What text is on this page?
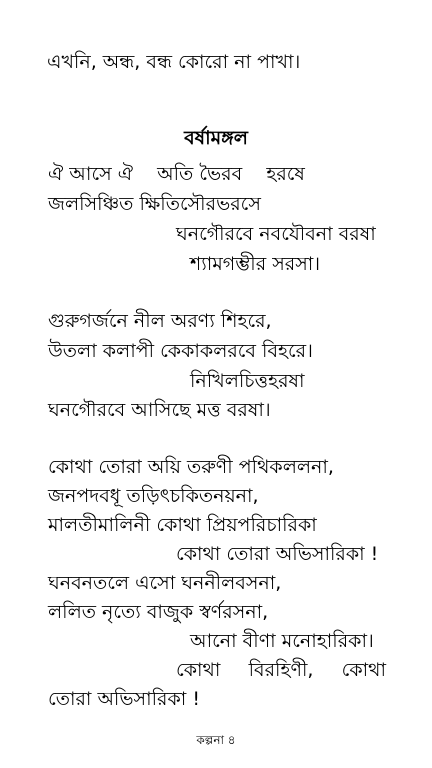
এখনি, অন্ধ, বন্ধ কোরো না পাখা।
বর্ষামঙ্গল
ঐ আসে ঐ    অতি ভৈরব    হরষে
জলসিঞ্চিত ক্ষিতিসৌরভরসে
ঘনগৌরবে নবযৌবনা বরষা
শ্যামগম্ভীর সরসা।
গুরুগর্জনে নীল অরণ্য শিহরে,
উতলা কলাপী কেকাকলরবে বিহরে।
নিখিলচিত্তহরষা
ঘনগৌরবে আসিছে মত্ত বরষা।
কোথা তোরা অয়ি তরুণী পথিকললনা,
জনপদবধূ তড়িৎচকিতনয়না,
মালতীমালিনী কোথা প্রিয়পরিচারিকা
কোথা তোরা অভিসারিকা !
ঘনবনতলে এসো ঘননীলবসনা,
ললিত নৃত্যে বাজুক স্বর্ণরসনা,
আনো বীণা মনোহারিকা।
কোথা বিরহিণী, কোথা
তোরা অভিসারিকা !
কল্পনা ৪
